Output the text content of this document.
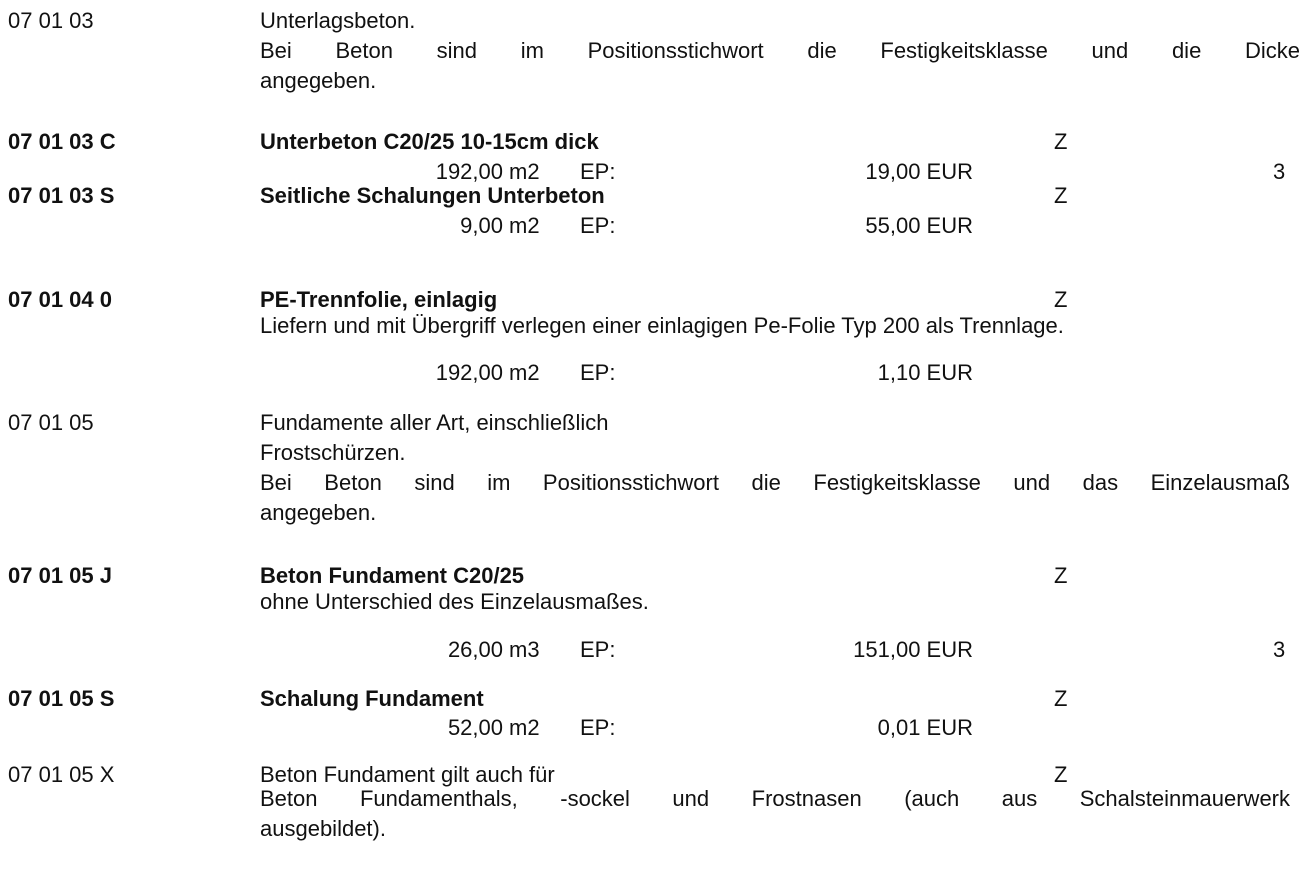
07 01 03	Unterlagsbeton.
Bei Beton sind im Positionsstichwort die Festigkeitsklasse und die Dicke
angegeben.
07 01 03 C	Unterbeton C20/25 10-15cm dick	Z
192,00 m2 EP:	19,00 EUR	3
07 01 03 S	Seitliche Schalungen Unterbeton	Z
9,00 m2 EP:	55,00 EUR
07 01 04 0	PE-Trennfolie, einlagig	Z
Liefern und mit Übergriff verlegen einer einlagigen Pe-Folie Typ 200 als Trennlage.
192,00 m2 EP:	1,10 EUR
07 01 05	Fundamente aller Art, einschließlich
Frostschürzen.
Bei Beton sind im Positionsstichwort die Festigkeitsklasse und das Einzelausmaß
angegeben.
07 01 05 J	Beton Fundament C20/25	Z
ohne Unterschied des Einzelausmaßes.
26,00 m3 EP:	151,00 EUR	3
07 01 05 S	Schalung Fundament	Z
52,00 m2 EP:	0,01 EUR
07 01 05 X	Beton Fundament gilt auch für	Z
Beton Fundamenthals, -sockel und Frostnasen (auch aus Schalsteinmauerwerk
ausgebildet).
